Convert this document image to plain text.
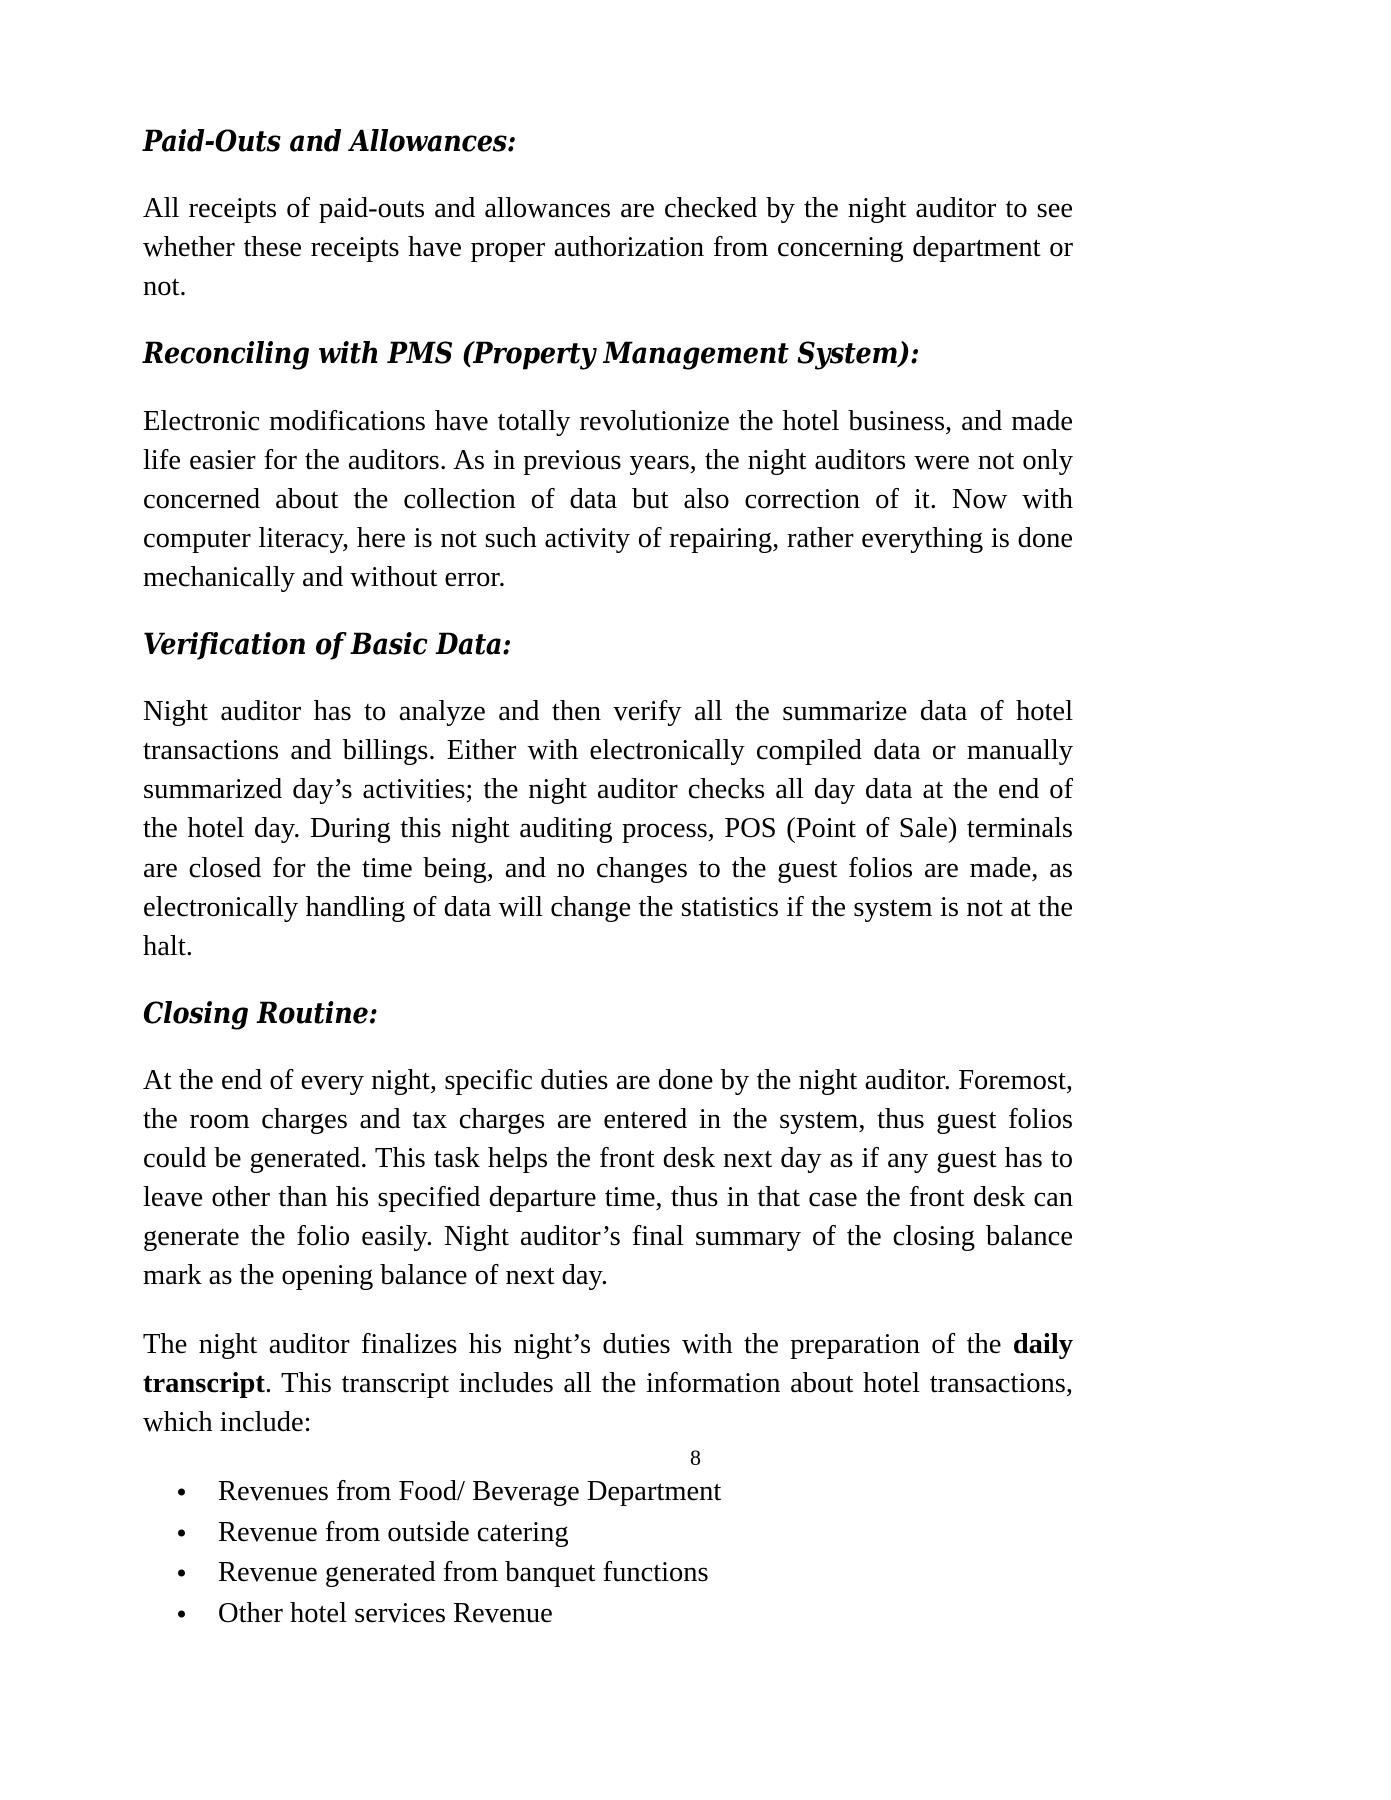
Paid-Outs and Allowances:

All receipts of paid-outs and allowances are checked by the night auditor to see whether these receipts have proper authorization from concerning department or not.

Reconciling with PMS (Property Management System):

Electronic modifications have totally revolutionize the hotel business, and made life easier for the auditors. As in previous years, the night auditors were not only concerned about the collection of data but also correction of it. Now with computer literacy, here is not such activity of repairing, rather everything is done mechanically and without error.

Verification of Basic Data:

Night auditor has to analyze and then verify all the summarize data of hotel transactions and billings. Either with electronically compiled data or manually summarized day’s activities; the night auditor checks all day data at the end of the hotel day. During this night auditing process, POS (Point of Sale) terminals are closed for the time being, and no changes to the guest folios are made, as electronically handling of data will change the statistics if the system is not at the halt.

Closing Routine:

At the end of every night, specific duties are done by the night auditor. Foremost, the room charges and tax charges are entered in the system, thus guest folios could be generated. This task helps the front desk next day as if any guest has to leave other than his specified departure time, thus in that case the front desk can generate the folio easily. Night auditor’s final summary of the closing balance mark as the opening balance of next day.

The night auditor finalizes his night’s duties with the preparation of the daily transcript. This transcript includes all the information about hotel transactions, which include:

Revenues from Food/ Beverage Department
Revenue from outside catering
Revenue generated from banquet functions
Other hotel services Revenue
8
